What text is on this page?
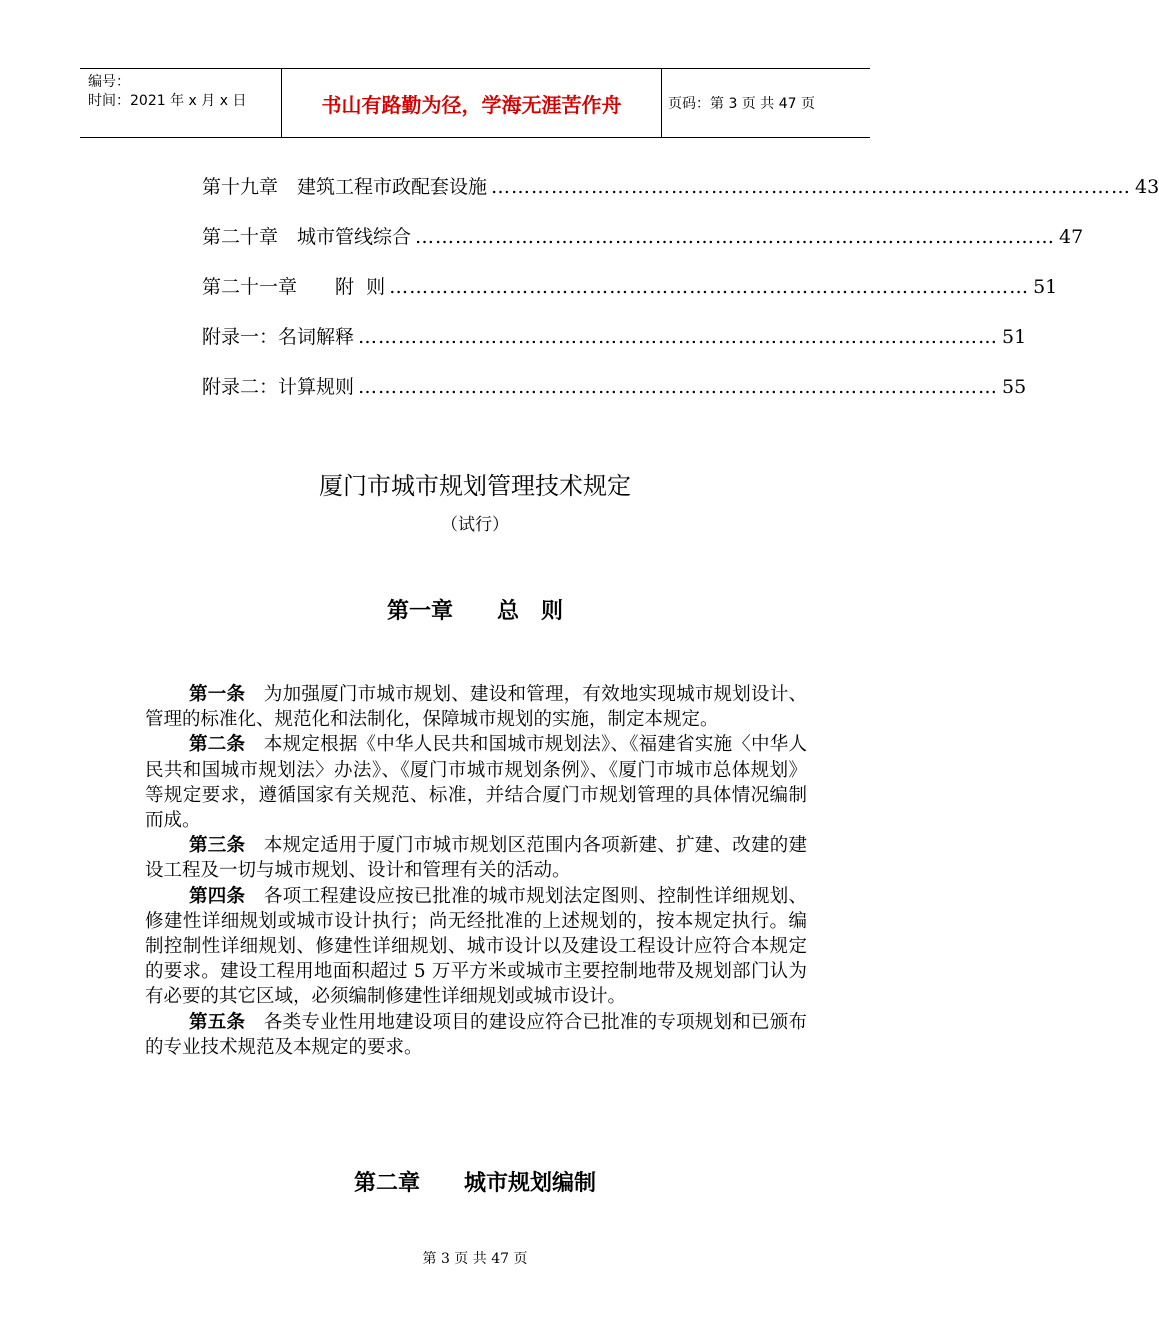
编号：
时间：2021 年 x 月 x 日	书山有路勤为径，学海无涯苦作舟	页码：第 3 页 共 47 页
第十九章　建筑工程市政配套设施 …………………………………………………………………………………… 43
第二十章　城市管线综合 …………………………………………………………………………………… 47
第二十一章　　附  则 …………………………………………………………………………………… 51
附录一：名词解释 …………………………………………………………………………………… 51
附录二：计算规则 …………………………………………………………………………………… 55
厦门市城市规划管理技术规定
（试行）
第一章　　总　则

第一条　为加强厦门市城市规划、建设和管理，有效地实现城市规划设计、管理的标准化、规范化和法制化，保障城市规划的实施，制定本规定。

第二条　本规定根据《中华人民共和国城市规划法》、《福建省实施〈中华人民共和国城市规划法〉办法》、《厦门市城市规划条例》、《厦门市城市总体规划》等规定要求，遵循国家有关规范、标准，并结合厦门市规划管理的具体情况编制而成。

第三条　本规定适用于厦门市城市规划区范围内各项新建、扩建、改建的建设工程及一切与城市规划、设计和管理有关的活动。

第四条　各项工程建设应按已批准的城市规划法定图则、控制性详细规划、修建性详细规划或城市设计执行；尚无经批准的上述规划的，按本规定执行。编制控制性详细规划、修建性详细规划、城市设计以及建设工程设计应符合本规定的要求。建设工程用地面积超过 5 万平方米或城市主要控制地带及规划部门认为有必要的其它区域，必须编制修建性详细规划或城市设计。

第五条　各类专业性用地建设项目的建设应符合已批准的专项规划和已颁布的专业技术规范及本规定的要求。

第二章　　城市规划编制
第 3 页 共 47 页
